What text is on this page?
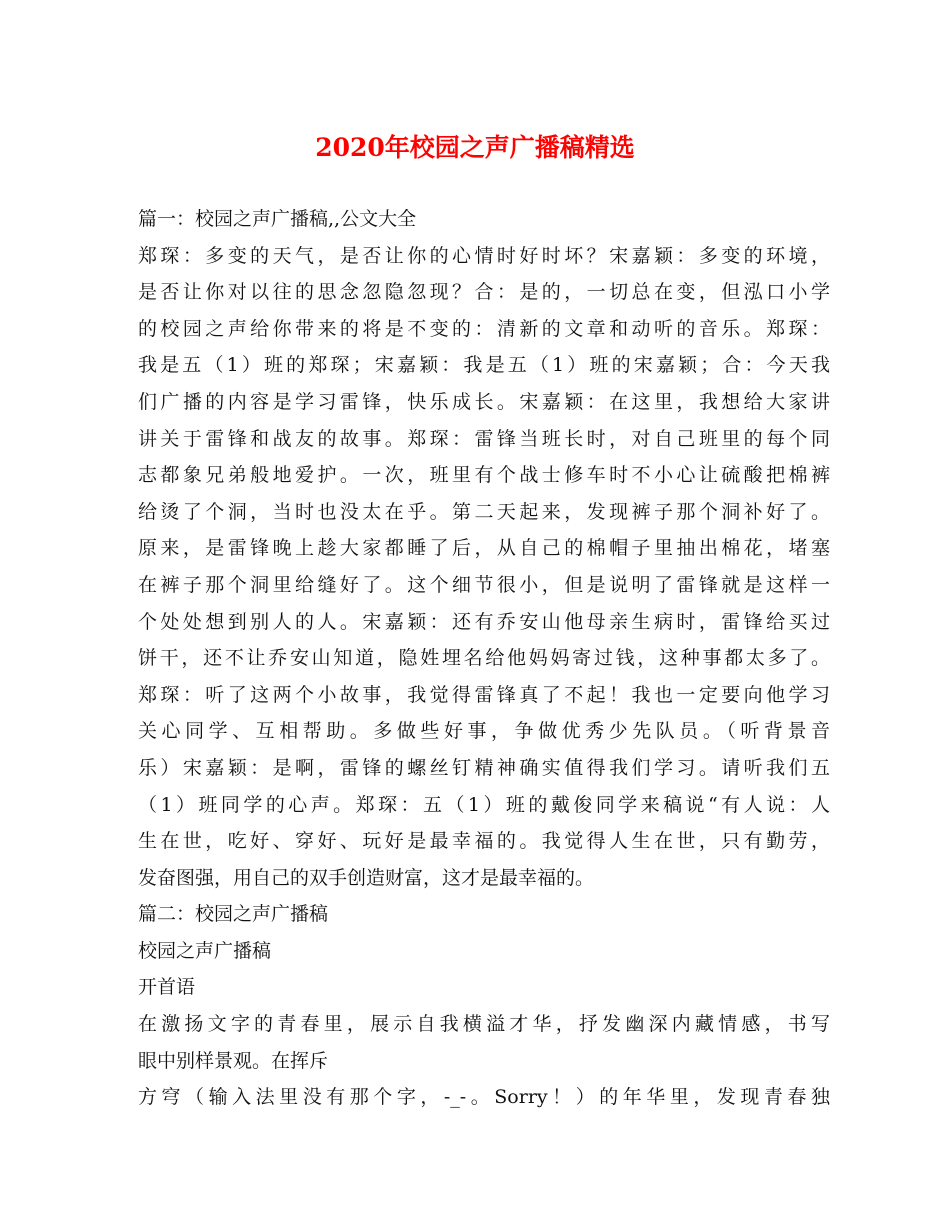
2020年校园之声广播稿精选
篇一：校园之声广播稿,,公文大全
郑琛：多变的天气，是否让你的心情时好时坏？宋嘉颖：多变的环境，
是否让你对以往的思念忽隐忽现？合：是的，一切总在变，但泓口小学
的校园之声给你带来的将是不变的：清新的文章和动听的音乐。郑琛：
我是五（1）班的郑琛；宋嘉颖：我是五（1）班的宋嘉颖；合：今天我
们广播的内容是学习雷锋，快乐成长。宋嘉颖：在这里，我想给大家讲
讲关于雷锋和战友的故事。郑琛：雷锋当班长时，对自己班里的每个同
志都象兄弟般地爱护。一次，班里有个战士修车时不小心让硫酸把棉裤
给烫了个洞，当时也没太在乎。第二天起来，发现裤子那个洞补好了。
原来，是雷锋晚上趁大家都睡了后，从自己的棉帽子里抽出棉花，堵塞
在裤子那个洞里给缝好了。这个细节很小，但是说明了雷锋就是这样一
个处处想到别人的人。宋嘉颖：还有乔安山他母亲生病时，雷锋给买过
饼干，还不让乔安山知道，隐姓埋名给他妈妈寄过钱，这种事都太多了。
郑琛：听了这两个小故事，我觉得雷锋真了不起！我也一定要向他学习
关心同学、互相帮助。多做些好事，争做优秀少先队员。（听背景音
乐）宋嘉颖：是啊，雷锋的螺丝钉精神确实值得我们学习。请听我们五
（1）班同学的心声。郑琛：五（1）班的戴俊同学来稿说“有人说：人
生在世，吃好、穿好、玩好是最幸福的。我觉得人生在世，只有勤劳，
发奋图强，用自己的双手创造财富，这才是最幸福的。
篇二：校园之声广播稿
校园之声广播稿
开首语
在激扬文字的青春里，展示自我横溢才华，抒发幽深内藏情感，书写
眼中别样景观。在挥斥
方穹（输入法里没有那个字，-_-。Sorry！）的年华里，发现青春独
